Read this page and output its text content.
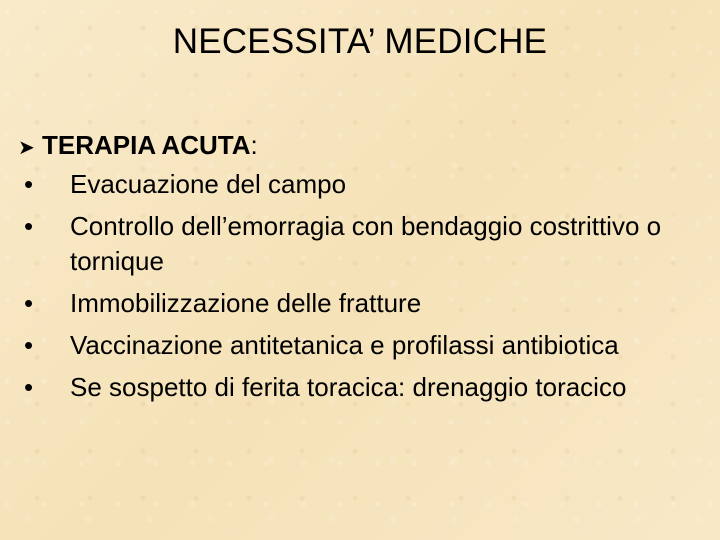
NECESSITA’ MEDICHE
➤ TERAPIA ACUTA :
•	Evacuazione del campo
•	Controllo dell’emorragia con bendaggio costrittivo o tornique
•	Immobilizzazione delle fratture
•	Vaccinazione antitetanica e profilassi antibiotica
•	Se sospetto di ferita toracica: drenaggio toracico
